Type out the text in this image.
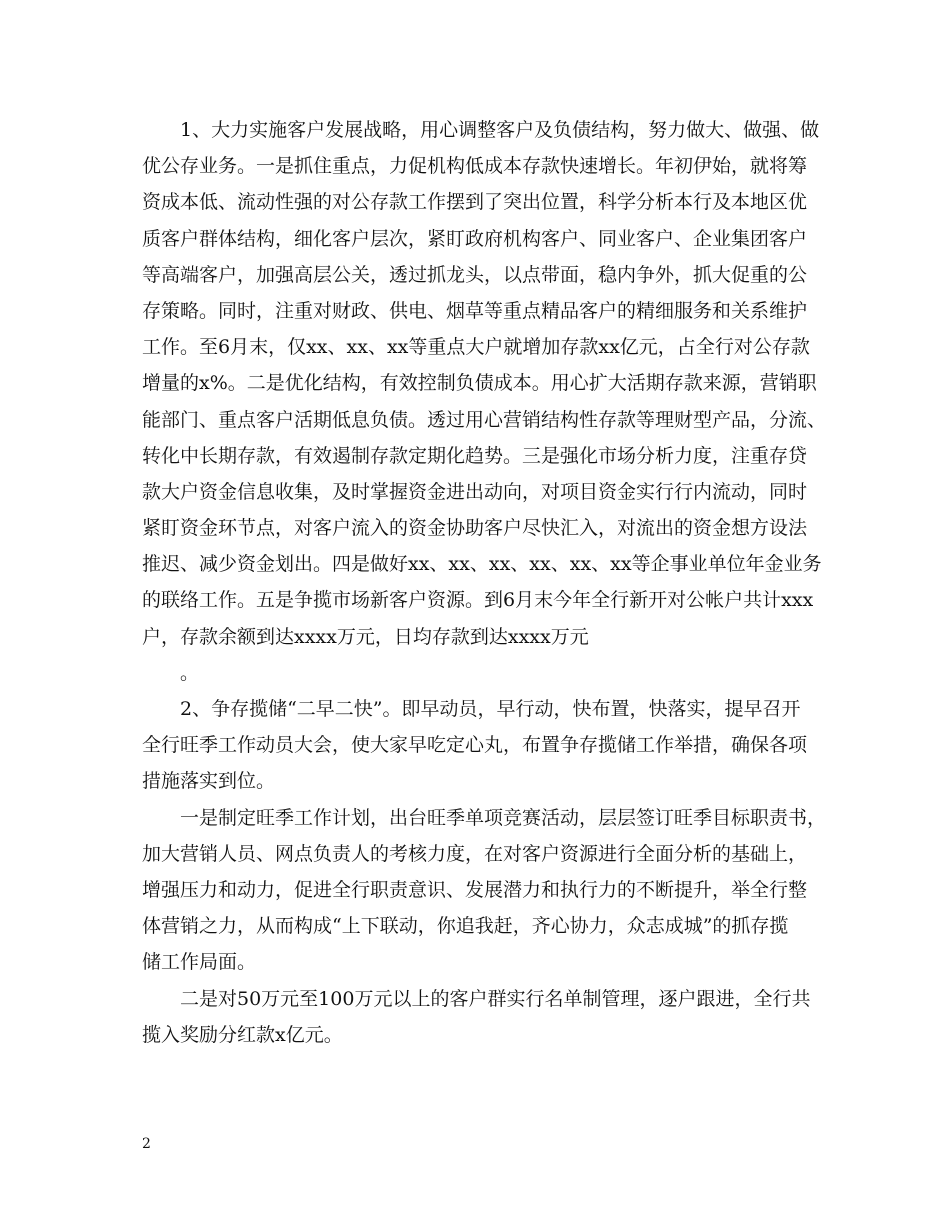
1、大力实施客户发展战略，用心调整客户及负债结构，努力做大、做强、做
优公存业务。一是抓住重点，力促机构低成本存款快速增长。年初伊始，就将筹
资成本低、流动性强的对公存款工作摆到了突出位置，科学分析本行及本地区优
质客户群体结构，细化客户层次，紧盯政府机构客户、同业客户、企业集团客户
等高端客户，加强高层公关，透过抓龙头，以点带面，稳内争外，抓大促重的公
存策略。同时，注重对财政、供电、烟草等重点精品客户的精细服务和关系维护
工作。至6月末，仅xx、xx、xx等重点大户就增加存款xx亿元，占全行对公存款
增量的x%。二是优化结构，有效控制负债成本。用心扩大活期存款来源，营销职
能部门、重点客户活期低息负债。透过用心营销结构性存款等理财型产品，分流、
转化中长期存款，有效遏制存款定期化趋势。三是强化市场分析力度，注重存贷
款大户资金信息收集，及时掌握资金进出动向，对项目资金实行行内流动，同时
紧盯资金环节点，对客户流入的资金协助客户尽快汇入，对流出的资金想方设法
推迟、减少资金划出。四是做好xx、xx、xx、xx、xx、xx等企事业单位年金业务
的联络工作。五是争揽市场新客户资源。到6月末今年全行新开对公帐户共计xxx
户，存款余额到达xxxx万元，日均存款到达xxxx万元
。
2、争存揽储“二早二快”。即早动员，早行动，快布置，快落实，提早召开
全行旺季工作动员大会，使大家早吃定心丸，布置争存揽储工作举措，确保各项
措施落实到位。
一是制定旺季工作计划，出台旺季单项竞赛活动，层层签订旺季目标职责书，
加大营销人员、网点负责人的考核力度，在对客户资源进行全面分析的基础上，
增强压力和动力，促进全行职责意识、发展潜力和执行力的不断提升，举全行整
体营销之力，从而构成“上下联动，你追我赶，齐心协力，众志成城”的抓存揽
储工作局面。
二是对50万元至100万元以上的客户群实行名单制管理，逐户跟进，全行共
揽入奖励分红款x亿元。
2
